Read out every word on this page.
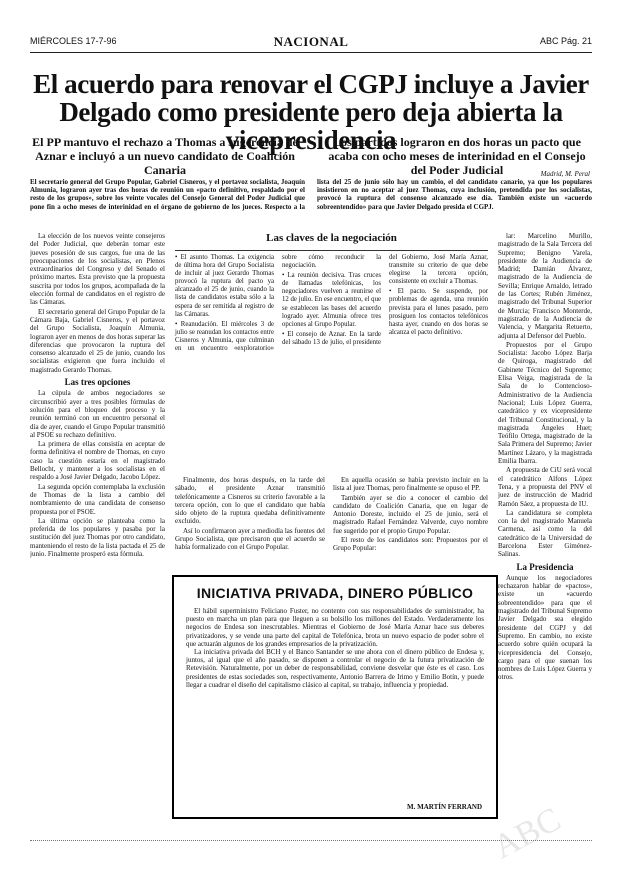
MIÉRCOLES 17-7-96	NACIONAL	ABC Pág. 21
El acuerdo para renovar el CGPJ incluye a Javier Delgado como presidente pero deja abierta la vicepresidencia
El PP mantuvo el rechazo a Thomas a sugerencia de Aznar e incluyó a un nuevo candidato de Coalición Canaria
Los partidos lograron en dos horas un pacto que acaba con ocho meses de interinidad en el Consejo del Poder Judicial	Madrid, M. Peral
El secretario general del Grupo Popular, Gabriel Cisneros, y el portavoz socialista, Joaquín Almunia, lograron ayer tras dos horas de reunión un «pacto definitivo, respaldado por el resto de los grupos», sobre los veinte vocales del Consejo General del Poder Judicial que pone fin a ocho meses de interinidad en el órgano de gobierno de los jueces. Respecto a la lista del 25 de junio sólo hay un cambio, el del candidato canario, ya que los populares insistieron en no aceptar al juez Thomas, cuya inclusión, pretendida por los socialistas, provocó la ruptura del consenso alcanzado ese día. También existe un «acuerdo sobreentendido» para que Javier Delgado presida el CGPJ.

La elección de los nuevos veinte consejeros del Poder Judicial, que deberán tomar este jueves posesión de sus cargos, fue una de las preocupaciones de los socialistas, en Plenos extraordinarios del Congreso y del Senado el próximo martes. Esta previsto que la propuesta suscrita por todos los grupos, acompañada de la elección formal de candidatos en el registro de las Cámaras.

El secretario general del Grupo Popular de la Cámara Baja, Gabriel Cisneros, y el portavoz del Grupo Socialista, Joaquín Almunia, lograron ayer en menos de dos horas superar las diferencias que provocaron la ruptura del consenso alcanzado el 25 de junio, cuando los socialistas exigieron que fuera incluido el magistrado Gerardo Thomas.

Las tres opciones

La cúpula de ambos negociadores se circunscribió ayer a tres posibles fórmulas de solución para el bloqueo del proceso y la reunión terminó con un encuentro personal el día de ayer, cuando el Grupo Popular transmitió al PSOE su rechazo definitivo.

La primera de ellas consistía en aceptar de forma definitiva el nombre de Thomas, en cuyo caso la cuestión estaría en el magistrado Bellocht, y mantener a los socialistas en el respaldo a José Javier Delgado, Jacobo López.

La segunda opción contemplaba la exclusión de Thomas de la lista a cambio del nombramiento de una candidata de consenso propuesta por el PSOE.

La última opción se planteaba como la preferida de los populares y pasaba por la sustitución del juez Thomas por otro candidato, manteniendo el resto de la lista pactada el 25 de junio. Finalmente prosperó esta fórmula.

Las claves de la negociación

• El asunto Thomas. La exigencia de última hora del Grupo Socialista de incluir al juez Gerardo Thomas provocó la ruptura del pacto ya alcanzado el 25 de junio, cuando la lista de candidatos estaba sólo a la espera de ser remitida al registro de las Cámaras.

• Reanudación. El miércoles 3 de julio se reanudan los contactos entre Cisneros y Almunia, que culminan en un encuentro «exploratorio» sobre cómo reconducir la negociación.

• La reunión decisiva. Tras cruces de llamadas telefónicas, los negociadores vuelven a reunirse el 12 de julio. En ese encuentro, el que se establecen las bases del acuerdo logrado ayer. Almunia ofrece tres opciones al Grupo Popular.

• El consejo de Aznar. En la tarde del sábado 13 de julio, el presidente del Gobierno, José María Aznar, transmite su criterio de que debe elegirse la tercera opción, consistente en excluir a Thomas.

• El pacto. Se suspende, por problemas de agenda, una reunión prevista para el lunes pasado, pero prosiguen los contactos telefónicos hasta ayer, cuando en dos horas se alcanza el pacto definitivo.

Finalmente, dos horas después, en la tarde del sábado, el presidente Aznar transmitió telefónicamente a Cisneros su criterio favorable a la tercera opción, con lo que el candidato que había sido objeto de la ruptura quedaba definitivamente excluido.

Así lo confirmaron ayer a mediodía las fuentes del Grupo Socialista, que precisaron que el acuerdo se había formalizado con el Grupo Popular.

En aquella ocasión se había previsto incluir en la lista al juez Thomas, pero finalmente se opuso el PP.

También ayer se dio a conocer el cambio del candidato de Coalición Canaria, que en lugar de Antonio Doreste, incluido el 25 de junio, será el magistrado Rafael Fernández Valverde, cuyo nombre fue sugerido por el propio Grupo Popular.

El resto de los candidatos son: Propuestos por el Grupo Popular:

lar: Marcelino Murillo, magistrado de la Sala Tercera del Supremo; Benigno Varela, presidente de la Audiencia de Madrid; Damián Álvarez, magistrado de la Audiencia de Sevilla; Enrique Arnaldo, letrado de las Cortes; Rubén Jiménez, magistrado del Tribunal Superior de Murcia; Francisco Monterde, magistrado de la Audiencia de Valencia, y Margarita Retuerto, adjunta al Defensor del Pueblo.

Propuestos por el Grupo Socialista: Jacobo López Barja de Quiroga, magistrado del Gabinete Técnico del Supremo; Elisa Veiga, magistrada de la Sala de lo Contencioso-Administrativo de la Audiencia Nacional; Luis López Guerra, catedrático y ex vicepresidente del Tribunal Constitucional, y la magistrada Ángeles Huet; Teófilo Ortega, magistrado de la Sala Primera del Supremo; Javier Martínez Lázaro, y la magistrada Emilia Ibarra.

A propuesta de CiU será vocal el catedrático Alfons López Tena, y a propuesta del PNV el juez de instrucción de Madrid Ramón Sáez, a propuesta de IU.

La candidatura se completa con la del magistrado Manuela Carmena, así como la del catedrático de la Universidad de Barcelona Ester Giménez-Salinas.

La Presidencia

Aunque los negociadores rechazaron hablar de «pactos», existe un «acuerdo sobreentendido» para que el magistrado del Tribunal Supremo Javier Delgado sea elegido presidente del CGPJ y del Supremo. En cambio, no existe acuerdo sobre quién ocupará la vicepresidencia del Consejo, cargo para el que suenan los nombres de Luis López Guerra y otros.

INICIATIVA PRIVADA, DINERO PÚBLICO

El hábil superministro Feliciano Fuster, no contento con sus responsabilidades de suministrador, ha puesto en marcha un plan para que lleguen a su bolsillo los millones del Estado. Verdaderamente los negocios de Endesa son inescrutables. Mientras el Gobierno de José María Aznar hace sus deberes privatizadores, y se vende una parte del capital de Telefónica, brota un nuevo espacio de poder sobre el que actuarán algunos de los grandes empresarios de la privatización.

La iniciativa privada del BCH y el Banco Santander se une ahora con el dinero público de Endesa y, juntos, al igual que el año pasado, se disponen a controlar el negocio de la futura privatización de Retevisión. Naturalmente, por un deber de responsabilidad, conviene desvelar que éste es el caso. Los presidentes de estas sociedades son, respectivamente, Antonio Barrera de Irimo y Emilio Botín, y puede llegar a cuadrar el diseño del capitalismo clásico al capital, su trabajo, influencia y propiedad.

M. MARTÍN FERRAND ABC
